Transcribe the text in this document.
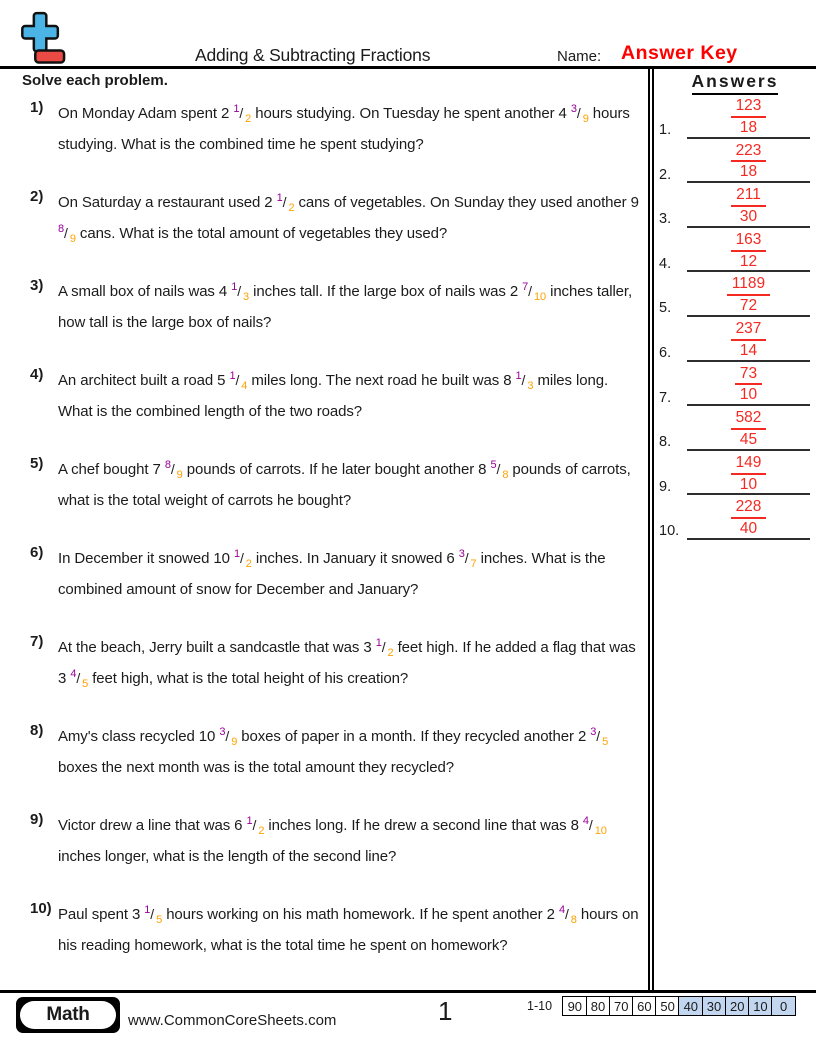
Adding & Subtracting Fractions	Name: Answer Key
Solve each problem.
1) On Monday Adam spent 2 $^1$/ $_2$ hours studying. On Tuesday he spent another 4 $^3$/ $_9$ hours studying. What is the combined time he spent studying?
2) On Saturday a restaurant used 2 $^1$/ $_2$ cans of vegetables. On Sunday they used another 9 $^8$/ $_9$ cans. What is the total amount of vegetables they used?
3) A small box of nails was 4 $^1$/ $_3$ inches tall. If the large box of nails was 2 $^7$/ $_{10}$ inches taller, how tall is the large box of nails?
4) An architect built a road 5 $^1$/ $_4$ miles long. The next road he built was 8 $^1$/ $_3$ miles long. What is the combined length of the two roads?
5) A chef bought 7 $^8$/ $_9$ pounds of carrots. If he later bought another 8 $^5$/ $_8$ pounds of carrots, what is the total weight of carrots he bought?
6) In December it snowed 10 $^1$/ $_2$ inches. In January it snowed 6 $^3$/ $_7$ inches. What is the combined amount of snow for December and January?
7) At the beach, Jerry built a sandcastle that was 3 $^1$/ $_2$ feet high. If he added a flag that was 3 $^4$/ $_5$ feet high, what is the total height of his creation?
8) Amy's class recycled 10 $^3$/ $_9$ boxes of paper in a month. If they recycled another 2 $^3$/ $_5$ boxes the next month was is the total amount they recycled?
9) Victor drew a line that was 6 $^1$/ $_2$ inches long. If he drew a second line that was 8 $^4$/ $_{10}$ inches longer, what is the length of the second line?
10) Paul spent 3 $^1$/ $_5$ hours working on his math homework. If he spent another 2 $^4$/ $_8$ hours on his reading homework, what is the total time he spent on homework?
Answers
1.	$\frac{123}{18}$
2.	$\frac{223}{18}$
3.	$\frac{211}{30}$
4.	$\frac{163}{12}$
5.	$\frac{1189}{72}$
6.	$\frac{237}{14}$
7.	$\frac{73}{10}$
8.	$\frac{582}{45}$
9.	$\frac{149}{10}$
10.	$\frac{228}{40}$
Math	www.CommonCoreSheets.com	1	1-10	90 80 70 60 50 40 30 20 10 0
